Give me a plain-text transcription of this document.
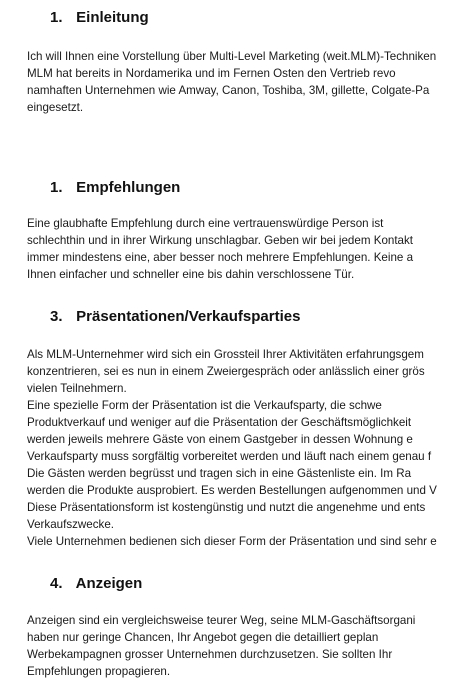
1. Einleitung
Ich will Ihnen eine Vorstellung über Multi-Level Marketing (weit.MLM)-Techniken
MLM hat bereits in Nordamerika und im Fernen Osten den Vertrieb revo
namhaften Unternehmen wie Amway, Canon, Toshiba, 3M, gillette, Colgate-Pa
eingesetzt.
1. Empfehlungen
Eine glaubhafte Empfehlung durch eine vertrauenswürdige Person ist
schlechthin und in ihrer Wirkung unschlagbar. Geben wir bei jedem Kontakt
immer mindestens eine, aber besser noch mehrere Empfehlungen. Keine a
Ihnen einfacher und schneller eine bis dahin verschlossene Tür.
3. Präsentationen/Verkaufsparties
Als MLM-Unternehmer wird sich ein Grossteil Ihrer Aktivitäten erfahrungsgem
konzentrieren, sei es nun in einem Zweiergespräch oder anlässlich einer grös
vielen Teilnehmern.
Eine spezielle Form der Präsentation ist die Verkaufsparty, die schwe
Produktverkauf und weniger auf die Präsentation der Geschäftsmöglichkeit
werden jeweils mehrere Gäste von einem Gastgeber in dessen Wohnung e
Verkaufsparty muss sorgfältig vorbereitet werden und läuft nach einem genau f
Die Gästen werden begrüsst und tragen sich in eine Gästenliste ein. Im Ra
werden die Produkte ausprobiert. Es werden Bestellungen aufgenommen und V
Diese Präsentationsform ist kostengünstig und nutzt die angenehme und ents
Verkaufszwecke.
Viele Unternehmen bedienen sich dieser Form der Präsentation und sind sehr e
4. Anzeigen
Anzeigen sind ein vergleichsweise teurer Weg, seine MLM-Gaschäftsorgani
haben nur geringe Chancen, Ihr Angebot gegen die detailliert geplan
Werbekampagnen grosser Unternehmen durchzusetzen. Sie sollten Ihr
Empfehlungen propagieren.
